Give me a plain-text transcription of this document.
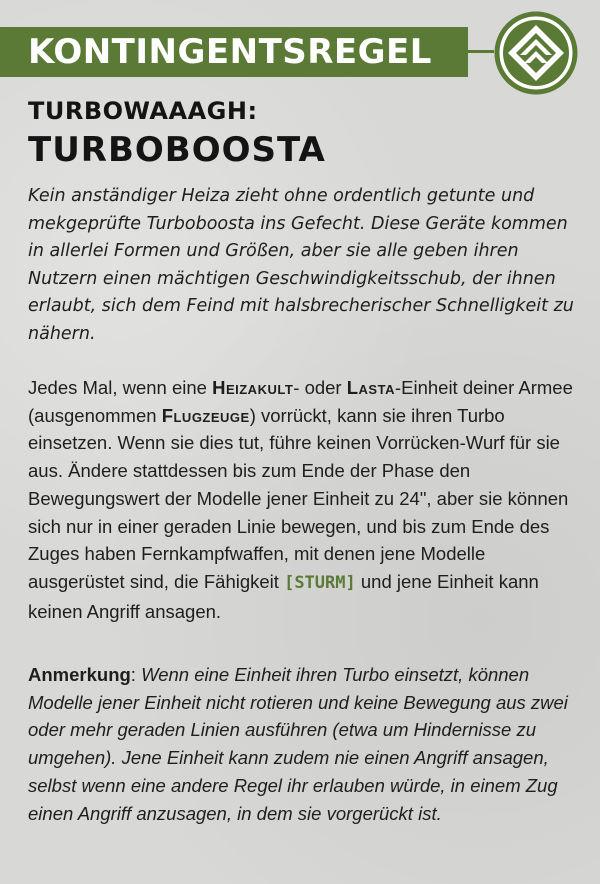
KONTINGENTSREGEL
TURBOWAAAGH:
TURBOBOOSTA
Kein anständiger Heiza zieht ohne ordentlich getunte und mekgeprüfte Turboboosta ins Gefecht. Diese Geräte kommen in allerlei Formen und Größen, aber sie alle geben ihren Nutzern einen mächtigen Geschwindigkeitsschub, der ihnen erlaubt, sich dem Feind mit halsbrecherischer Schnelligkeit zu nähern.
Jedes Mal, wenn eine Heizakult- oder Lasta-Einheit deiner Armee (ausgenommen Flugzeuge) vorrückt, kann sie ihren Turbo einsetzen. Wenn sie dies tut, führe keinen Vorrücken-Wurf für sie aus. Ändere stattdessen bis zum Ende der Phase den Bewegungswert der Modelle jener Einheit zu 24", aber sie können sich nur in einer geraden Linie bewegen, und bis zum Ende des Zuges haben Fernkampfwaffen, mit denen jene Modelle ausgerüstet sind, die Fähigkeit [STURM] und jene Einheit kann keinen Angriff ansagen.
Anmerkung: Wenn eine Einheit ihren Turbo einsetzt, können Modelle jener Einheit nicht rotieren und keine Bewegung aus zwei oder mehr geraden Linien ausführen (etwa um Hindernisse zu umgehen). Jene Einheit kann zudem nie einen Angriff ansagen, selbst wenn eine andere Regel ihr erlauben würde, in einem Zug einen Angriff anzusagen, in dem sie vorgerückt ist.
